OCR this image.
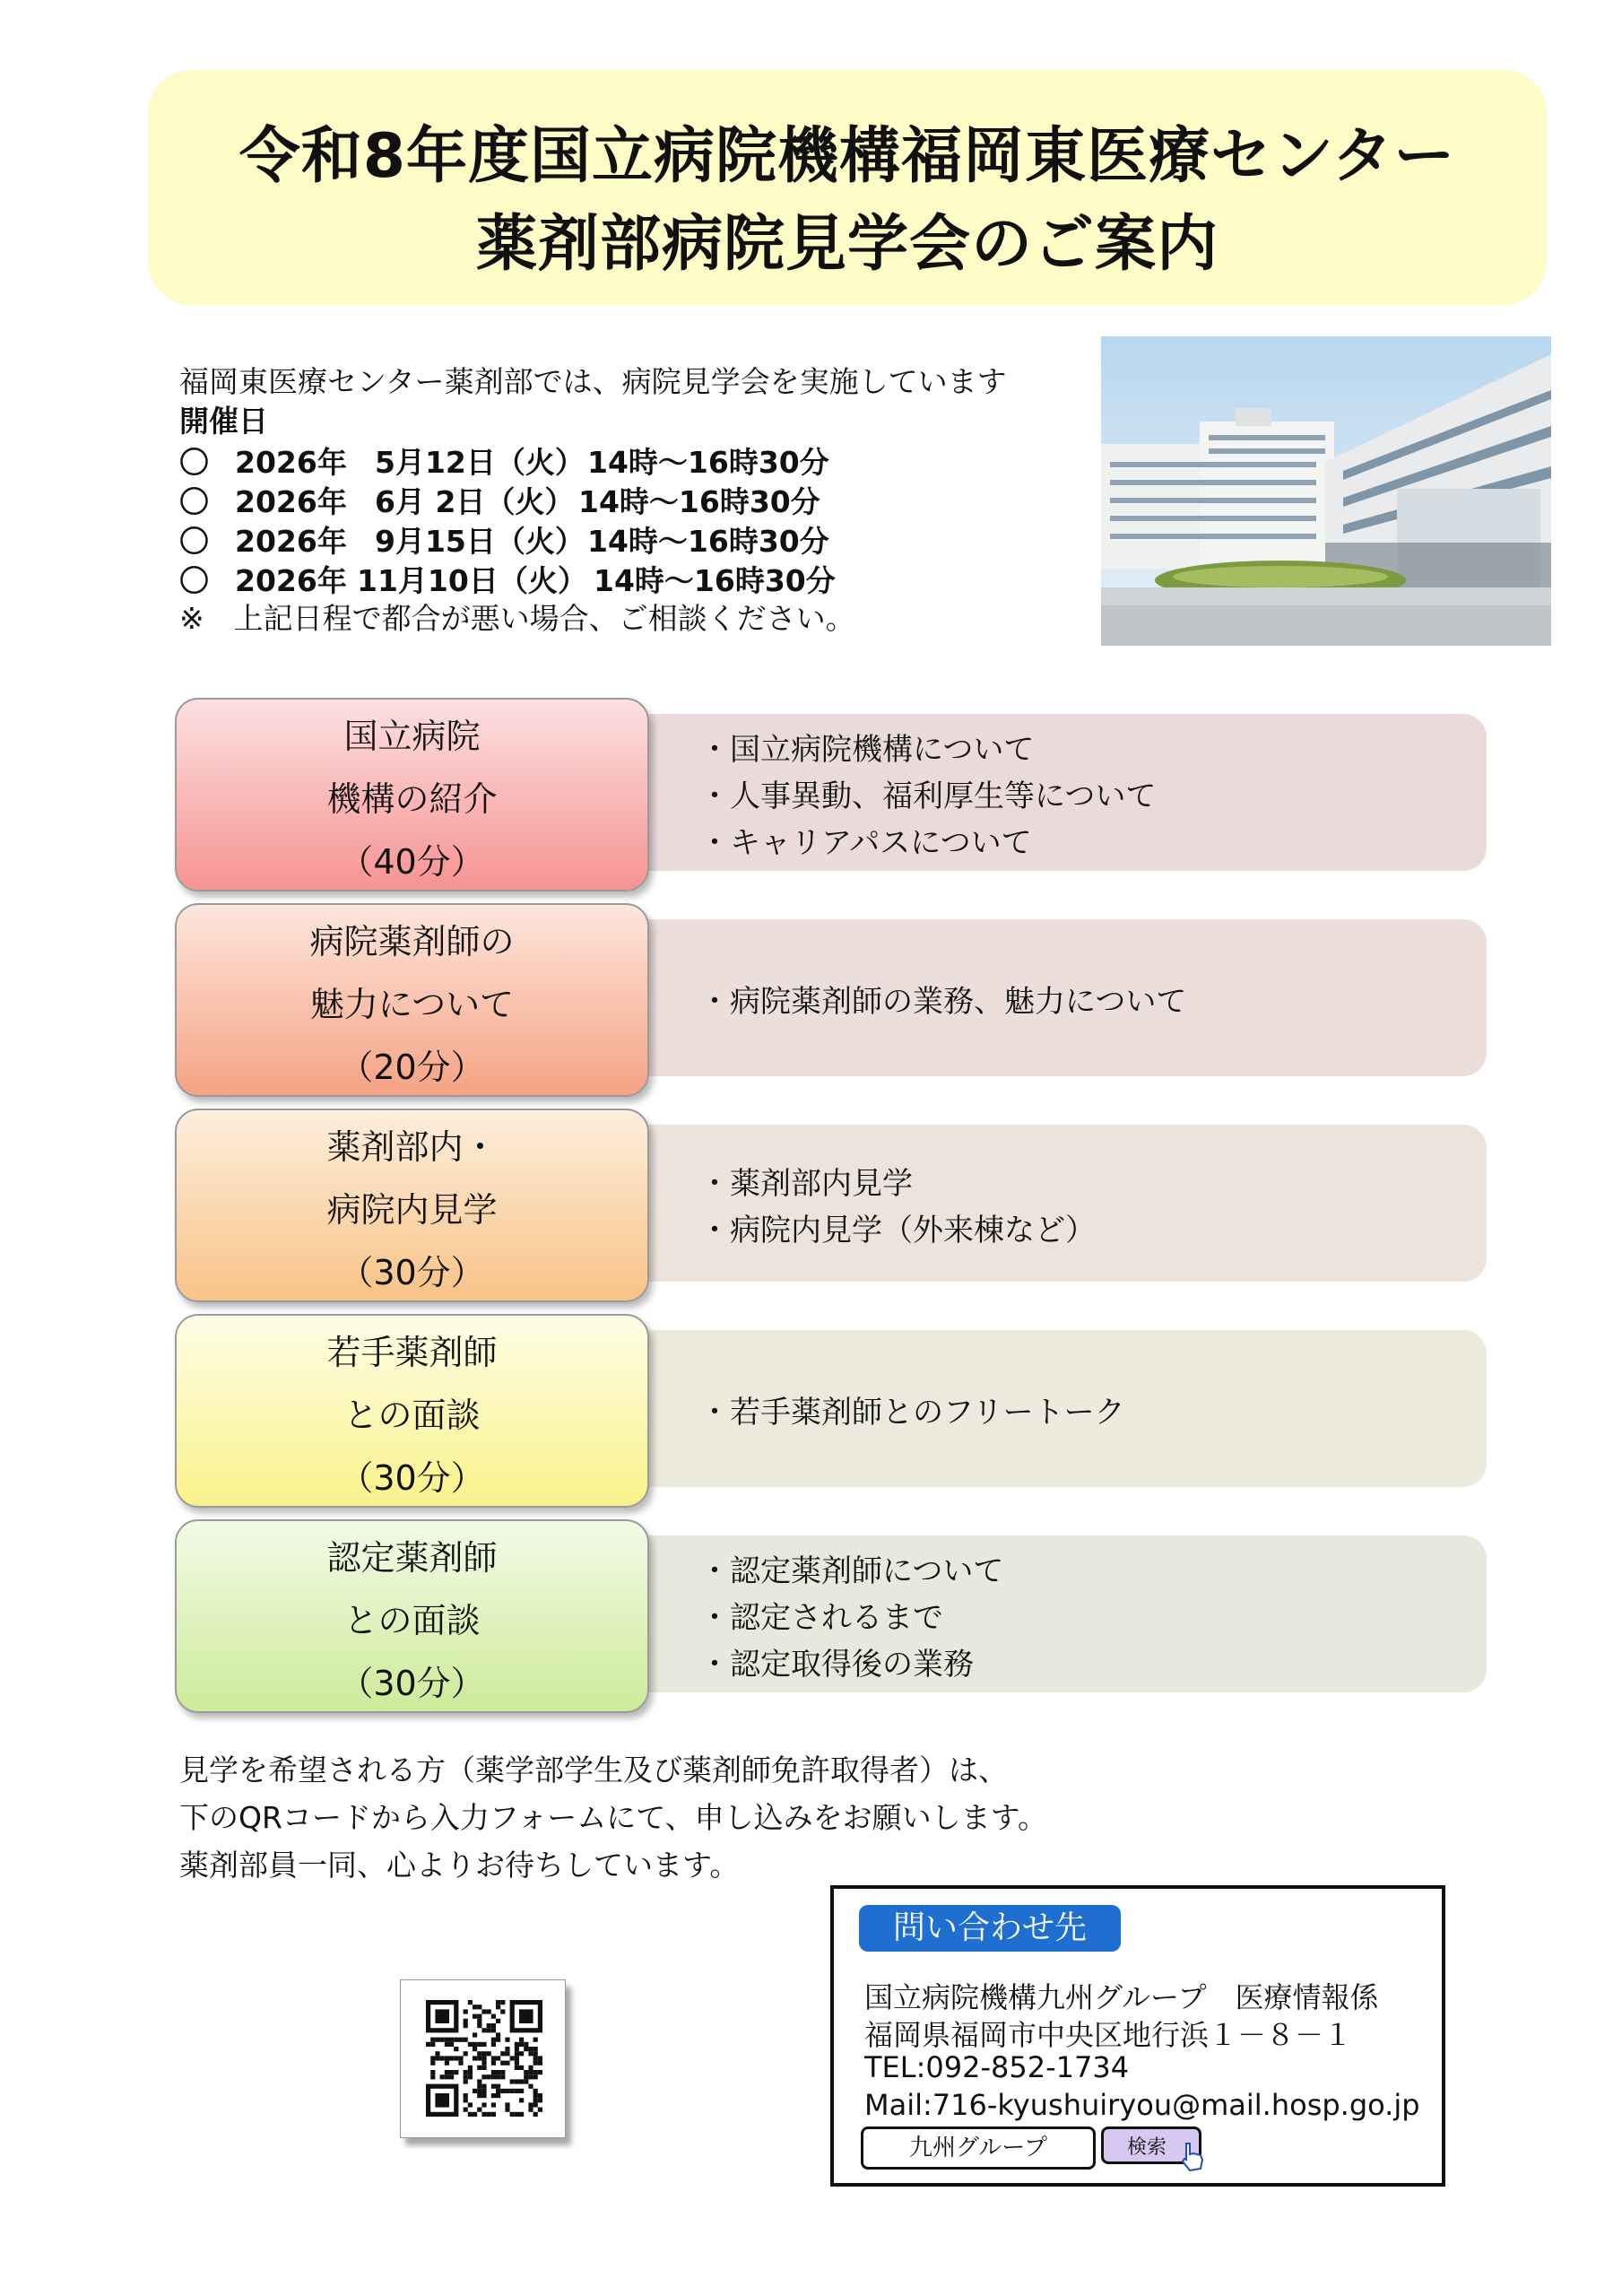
令和8年度国立病院機構福岡東医療センター
薬剤部病院見学会のご案内
福岡東医療センター薬剤部では、病院見学会を実施しています
開催日
〇 2026年 5月12日（火） 14時～16時30分
〇 2026年 6月 2日（火） 14時～16時30分
〇 2026年 9月15日（火） 14時～16時30分
〇 2026年 11月10日（火） 14時～16時30分
※　上記日程で都合が悪い場合、ご相談ください。
・国立病院機構について
・人事異動、福利厚生等について
・キャリアパスについて
国立病院
機構の紹介
（40分）
・病院薬剤師の業務、魅力について
病院薬剤師の
魅力について
（20分）
・薬剤部内見学
・病院内見学（外来棟など）
薬剤部内・
病院内見学
（30分）
・若手薬剤師とのフリートーク
若手薬剤師
との面談
（30分）
・認定薬剤師について
・認定されるまで
・認定取得後の業務
認定薬剤師
との面談
（30分）
見学を希望される方（薬学部学生及び薬剤師免許取得者）は、
下のQRコードから入力フォームにて、申し込みをお願いします。
薬剤部員一同、心よりお待ちしています。
問い合わせ先
国立病院機構九州グループ　医療情報係
福岡県福岡市中央区地行浜１－８－１
TEL:092-852-1734
Mail:716-kyushuiryou@mail.hosp.go.jp
九州グループ	検索
